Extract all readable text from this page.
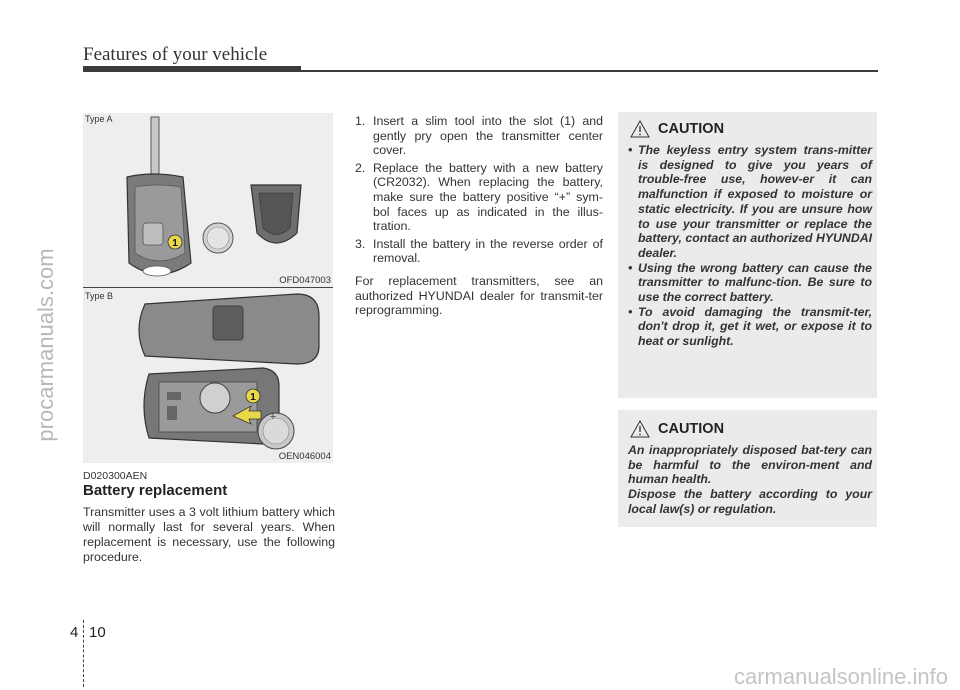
Features of your vehicle
procarmanuals.com
carmanualsonline.info
1
Type A
OFD047003
+
1
Type B
OEN046004
D020300AEN
Battery replacement
Transmitter uses a 3 volt lithium battery which will normally last for several years. When replacement is necessary, use the following procedure.
1. Insert a slim tool into the slot (1) and gently pry open the transmitter center cover.
2. Replace the battery with a new battery (CR2032). When replacing the battery, make sure the battery positive “+” sym-bol faces up as indicated in the illus-tration.
3. Install the battery in the reverse order of removal.
For replacement transmitters, see an authorized HYUNDAI dealer for transmit-ter reprogramming.
CAUTION
• The keyless entry system trans-mitter is designed to give you years of trouble-free use, howev-er it can malfunction if exposed to moisture or static electricity. If you are unsure how to use your transmitter or replace the battery, contact an authorized HYUNDAI dealer.
• Using the wrong battery can cause the transmitter to malfunc-tion. Be sure to use the correct battery.
• To avoid damaging the transmit-ter, don't drop it, get it wet, or expose it to heat or sunlight.
CAUTION
An inappropriately disposed bat-tery can be harmful to the environ-ment and human health.
Dispose the battery according to your local law(s) or regulation.
4 10
